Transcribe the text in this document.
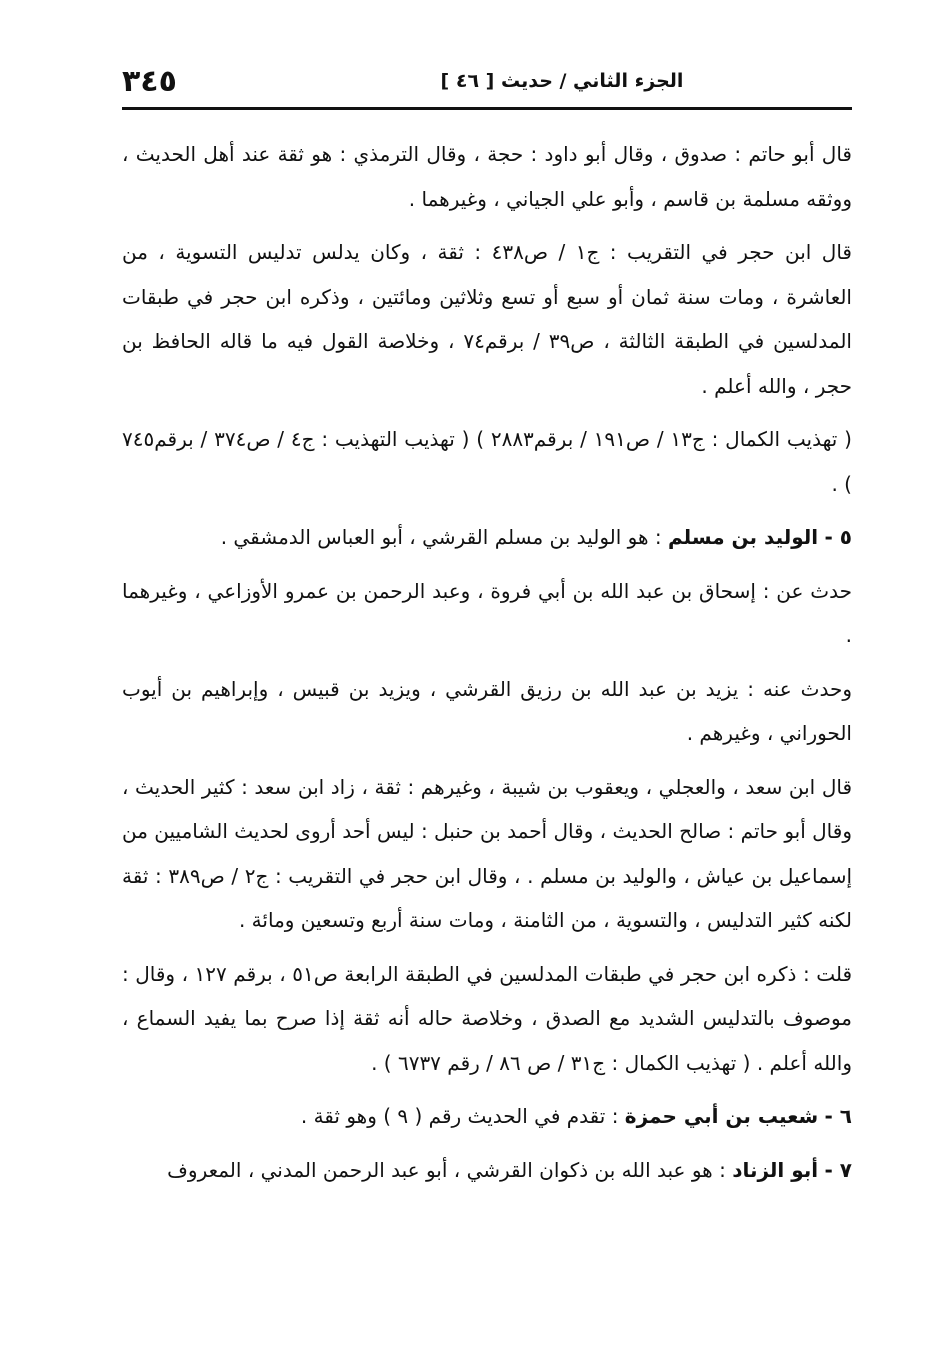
٣٤٥	الجزء الثاني / حديث [ ٤٦ ]

قال أبو حاتم : صدوق ، وقال أبو داود : حجة ، وقال الترمذي : هو ثقة عند أهل الحديث ، ووثقه مسلمة بن قاسم ، وأبو علي الجياني ، وغيرهما .

قال ابن حجر في التقريب : ج١ / ص٤٣٨ : ثقة ، وكان يدلس تدليس التسوية ، من العاشرة ، ومات سنة ثمان أو سبع أو تسع وثلاثين ومائتين ، وذكره ابن حجر في طبقات المدلسين في الطبقة الثالثة ، ص٣٩ / برقم٧٤ ، وخلاصة القول فيه ما قاله الحافظ بن حجر ، والله أعلم .

( تهذيب الكمال : ج١٣ / ص١٩١ / برقم٢٨٨٣ ) ( تهذيب التهذيب : ج٤ / ص٣٧٤ / برقم٧٤٥ ) .

٥ - الوليد بن مسلم : هو الوليد بن مسلم القرشي ، أبو العباس الدمشقي .

حدث عن : إسحاق بن عبد الله بن أبي فروة ، وعبد الرحمن بن عمرو الأوزاعي ، وغيرهما .

وحدث عنه : يزيد بن عبد الله بن رزيق القرشي ، ويزيد بن قبيس ، وإبراهيم بن أيوب الحوراني ، وغيرهم .

قال ابن سعد ، والعجلي ، ويعقوب بن شيبة ، وغيرهم : ثقة ، زاد ابن سعد : كثير الحديث ، وقال أبو حاتم : صالح الحديث ، وقال أحمد بن حنبل : ليس أحد أروى لحديث الشاميين من إسماعيل بن عياش ، والوليد بن مسلم . ، وقال ابن حجر في التقريب : ج٢ / ص٣٨٩ : ثقة لكنه كثير التدليس ، والتسوية ، من الثامنة ، ومات سنة أربع وتسعين ومائة .

قلت : ذكره ابن حجر في طبقات المدلسين في الطبقة الرابعة ص٥١ ، برقم ١٢٧ ، وقال : موصوف بالتدليس الشديد مع الصدق ، وخلاصة حاله أنه ثقة إذا صرح بما يفيد السماع ، والله أعلم . ( تهذيب الكمال : ج٣١ / ص ٨٦ / رقم ٦٧٣٧ ) .

٦ - شعيب بن أبي حمزة : تقدم في الحديث رقم ( ٩ ) وهو ثقة .

٧ - أبو الزناد : هو عبد الله بن ذكوان القرشي ، أبو عبد الرحمن المدني ، المعروف
